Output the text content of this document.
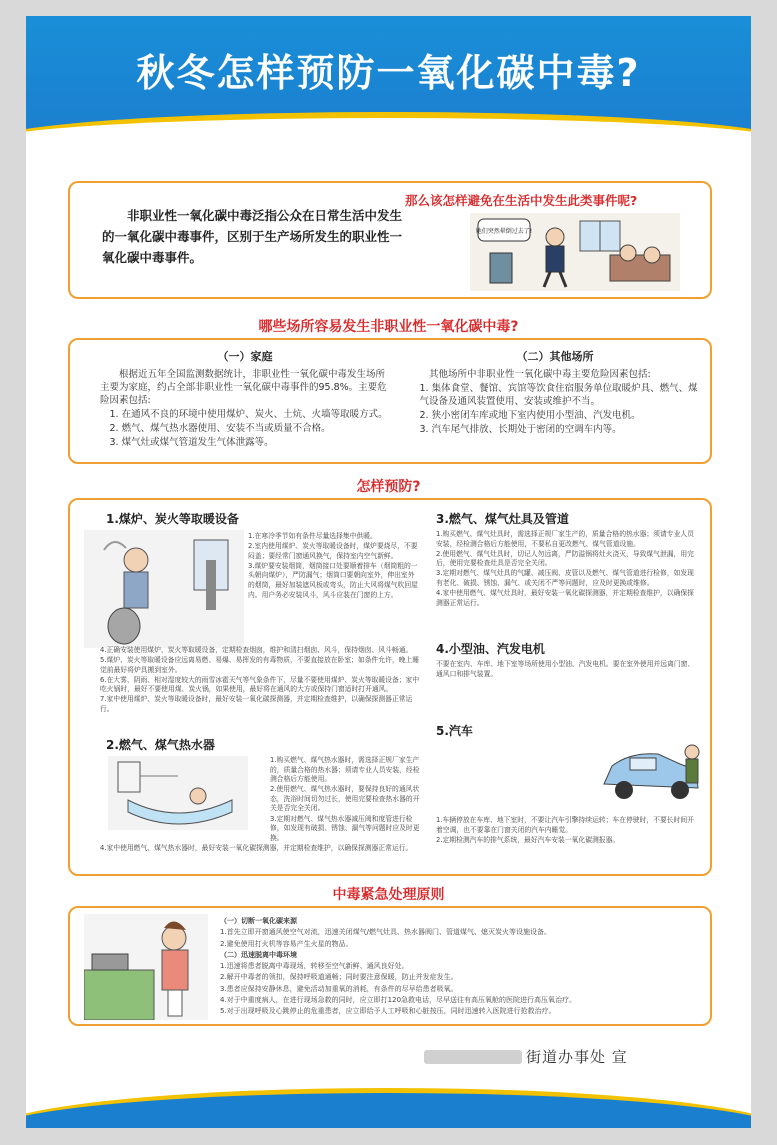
秋冬怎样预防一氧化碳中毒?
非职业性一氧化碳中毒泛指公众在日常生活中发生的一氧化碳中毒事件，区别于生产场所发生的职业性一氧化碳中毒事件。
那么该怎样避免在生活中发生此类事件呢?
她们突然晕倒过去了!
哪些场所容易发生非职业性一氧化碳中毒?
（一）家庭

根据近五年全国监测数据统计，非职业性一氧化碳中毒发生场所主要为家庭，约占全部非职业性一氧化碳中毒事件的95.8%。主要危险因素包括:

1. 在通风不良的环境中使用煤炉、炭火、土炕、火墙等取暖方式。

2. 燃气、煤气热水器使用、安装不当或质量不合格。

3. 煤气灶或煤气管道发生气体泄露等。

（二）其他场所

其他场所中非职业性一氧化碳中毒主要危险因素包括:

1. 集体食堂、餐馆、宾馆等饮食住宿服务单位取暖炉具、燃气、煤气设备及通风装置使用、安装或维护不当。

2. 狭小密闭车库或地下室内使用小型油、汽发电机。

3. 汽车尾气排放、长期处于密闭的空调车内等。

怎样预防?
1.煤炉、炭火等取暖设备

1.在寒冷季节如有条件尽量选择集中供暖。

2.室内使用煤炉、炭火等取暖设备时，煤炉要烧尽，不要闷盖；要经常门窗通风换气，保持室内空气新鲜。

3.煤炉要安装烟筒，烟筒接口处要顺着排车（烟筒粗的一头朝向煤炉），严防漏气；烟筒口要朝向室外，伸出室外的烟筒，最好加装遮风板或弯头，防止大风将煤气吹回屋内。用户务必安装风斗，风斗应装在门窗的上方。

4.正确安装使用煤炉、炭火等取暖设备，定期检查烟囱，维护和清扫烟囱、风斗，保持烟囱、风斗畅通。

5.煤炉、炭火等取暖设备应远离易燃、易爆、易挥发的有毒物质，不要直接放在卧室；如条件允许，晚上睡觉前最好将炉具搬到室外。

6.在大雾、阴雨、相对湿度较大的雨雪冰雹天气等气象条件下，尽量不要使用煤炉、炭火等取暖设备；家中吃火锅时，最好不要使用煤、炭火锅，如果使用，最好将在通风的大方或保持门窗适时打开通风。

7.家中使用煤炉、炭火等取暖设备时，最好安装一氧化碳探测器，并定期检查维护，以确保探测器正常运行。

2.燃气、煤气热水器

1.购买燃气、煤气热水器时，需选择正规厂家生产的，质量合格的热水器；须请专业人员安装，经检测合格后方能使用。

2.使用燃气、煤气热水器时，要保持良好的通风状态，洗浴时间切勿过长，使用完要检查热水器的开关是否完全关闭。

3.定期对燃气、煤气热水器减压阀和度管进行检修，如发现有破损、锈蚀、漏气等问题时应及时更换。

4.家中使用燃气、煤气热水器时，最好安装一氧化碳探测器，并定期检查维护，以确保探测器正常运行。

3.燃气、煤气灶具及管道

1.购买燃气、煤气灶具时，需选择正规厂家生产的，质量合格的热水器；须请专业人员安装，经检测合格后方能使用，不要私自更改燃气、煤气管道设施。

2.使用燃气、煤气灶具时，切记人勿远离，严防溢锅将灶火浇灭，导致煤气泄漏，用完后，使用完要检查灶具是否完全关闭。

3.定期对燃气、煤气灶具的气罐、减压阀、皮管以及燃气、煤气管道进行检修，如发现有老化、破损、锈蚀、漏气、或关闭不严等问题时，应及时更换或维修。

4.家中使用燃气、煤气灶具时，最好安装一氧化碳探测器，并定期检查维护，以确保探测器正常运行。

4.小型油、汽发电机

不要在室内、车库、地下室等场所使用小型油、汽发电机。要在室外使用并远离门窗、通风口和排气装置。

5.汽车

1.车辆停放在车库、地下室时，不要让汽车引擎持续运转；车在停驶时，不要长时间开着空调，也不要靠在门窗关闭的汽车内睡觉。

2.定期检测汽车的排气系统，最好汽车安装一氧化碳测报器。

中毒紧急处理原则

（一）切断一氧化碳来源

1.首先立即开窗通风使空气对流，迅速关闭煤气/燃气灶具、热水器阀门、管道煤气、熄灭炭火等设施设备。

2.避免使用打火机等容易产生火星的物品。

（二）迅速脱离中毒环境

1.迅速将患者脱离中毒现场，转移至空气新鲜、通风良好处。

2.解开中毒者的领扣，保持呼吸道通畅；同时要注意保暖，防止并发症发生。

3.患者应保持安静休息，避免活动加重氧的消耗，有条件的尽早给患者吸氧。

4.对于中重度病人，在进行现场急救的同时，应立即打120急救电话，尽早送往有高压氧舱的医院进行高压氧治疗。

5.对于出现呼吸及心跳停止的危重患者，应立即给予人工呼吸和心脏按压，同时迅速转入医院进行抢救治疗。

街道办事处 宣
